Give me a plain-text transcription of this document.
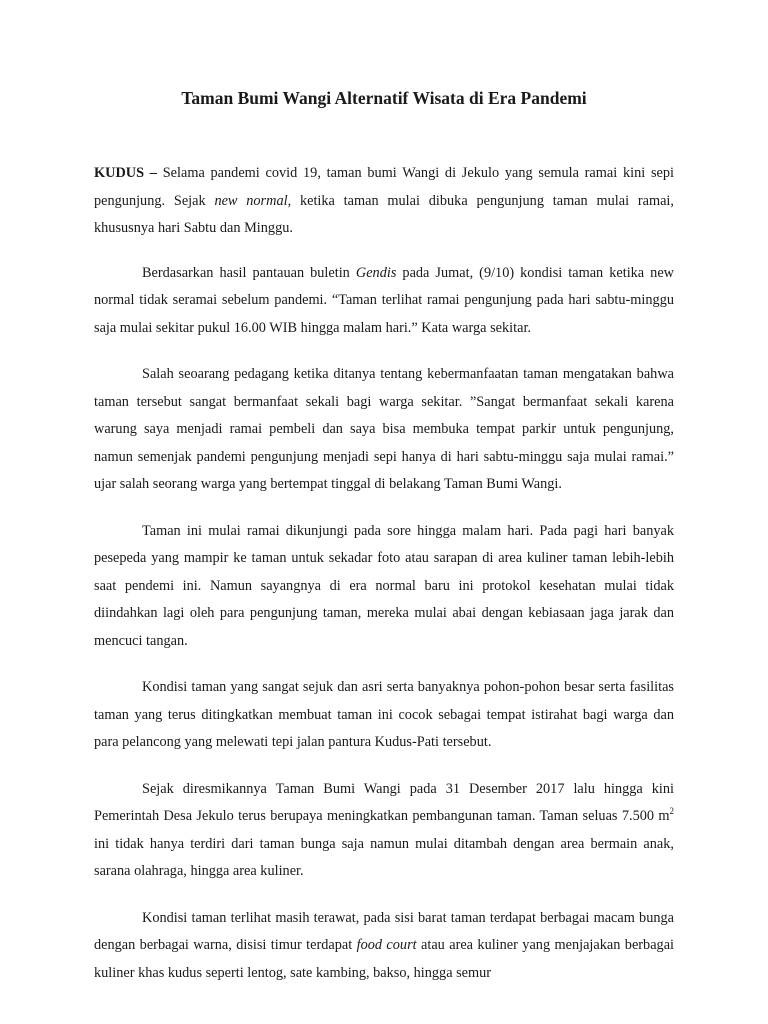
Taman Bumi Wangi Alternatif Wisata di Era Pandemi

KUDUS – Selama pandemi covid 19, taman bumi Wangi di Jekulo yang semula ramai kini sepi pengunjung. Sejak new normal, ketika taman mulai dibuka pengunjung taman mulai ramai, khususnya hari Sabtu dan Minggu.

Berdasarkan hasil pantauan buletin Gendis pada Jumat, (9/10) kondisi taman ketika new normal tidak seramai sebelum pandemi. “Taman terlihat ramai pengunjung pada hari sabtu-minggu saja mulai sekitar pukul 16.00 WIB hingga malam hari.” Kata warga sekitar.

Salah seoarang pedagang ketika ditanya tentang kebermanfaatan taman mengatakan bahwa taman tersebut sangat bermanfaat sekali bagi warga sekitar. ”Sangat bermanfaat sekali karena warung saya menjadi ramai pembeli dan saya bisa membuka tempat parkir untuk pengunjung, namun semenjak pandemi pengunjung menjadi sepi hanya di hari sabtu-minggu saja mulai ramai.” ujar salah seorang warga yang bertempat tinggal di belakang Taman Bumi Wangi.

Taman ini mulai ramai dikunjungi pada sore hingga malam hari. Pada pagi hari banyak pesepeda yang mampir ke taman untuk sekadar foto atau sarapan di area kuliner taman lebih-lebih saat pendemi ini. Namun sayangnya di era normal baru ini protokol kesehatan mulai tidak diindahkan lagi oleh para pengunjung taman, mereka mulai abai dengan kebiasaan jaga jarak dan mencuci tangan.

Kondisi taman yang sangat sejuk dan asri serta banyaknya pohon-pohon besar serta fasilitas taman yang terus ditingkatkan membuat taman ini cocok sebagai tempat istirahat bagi warga dan para pelancong yang melewati tepi jalan pantura Kudus-Pati tersebut.

Sejak diresmikannya Taman Bumi Wangi pada 31 Desember 2017 lalu hingga kini Pemerintah Desa Jekulo terus berupaya meningkatkan pembangunan taman. Taman seluas 7.500 $m^2$ ini tidak hanya terdiri dari taman bunga saja namun mulai ditambah dengan area bermain anak, sarana olahraga, hingga area kuliner.

Kondisi taman terlihat masih terawat, pada sisi barat taman terdapat berbagai macam bunga dengan berbagai warna, disisi timur terdapat food court atau area kuliner yang menjajakan berbagai kuliner khas kudus seperti lentog, sate kambing, bakso, hingga semur
